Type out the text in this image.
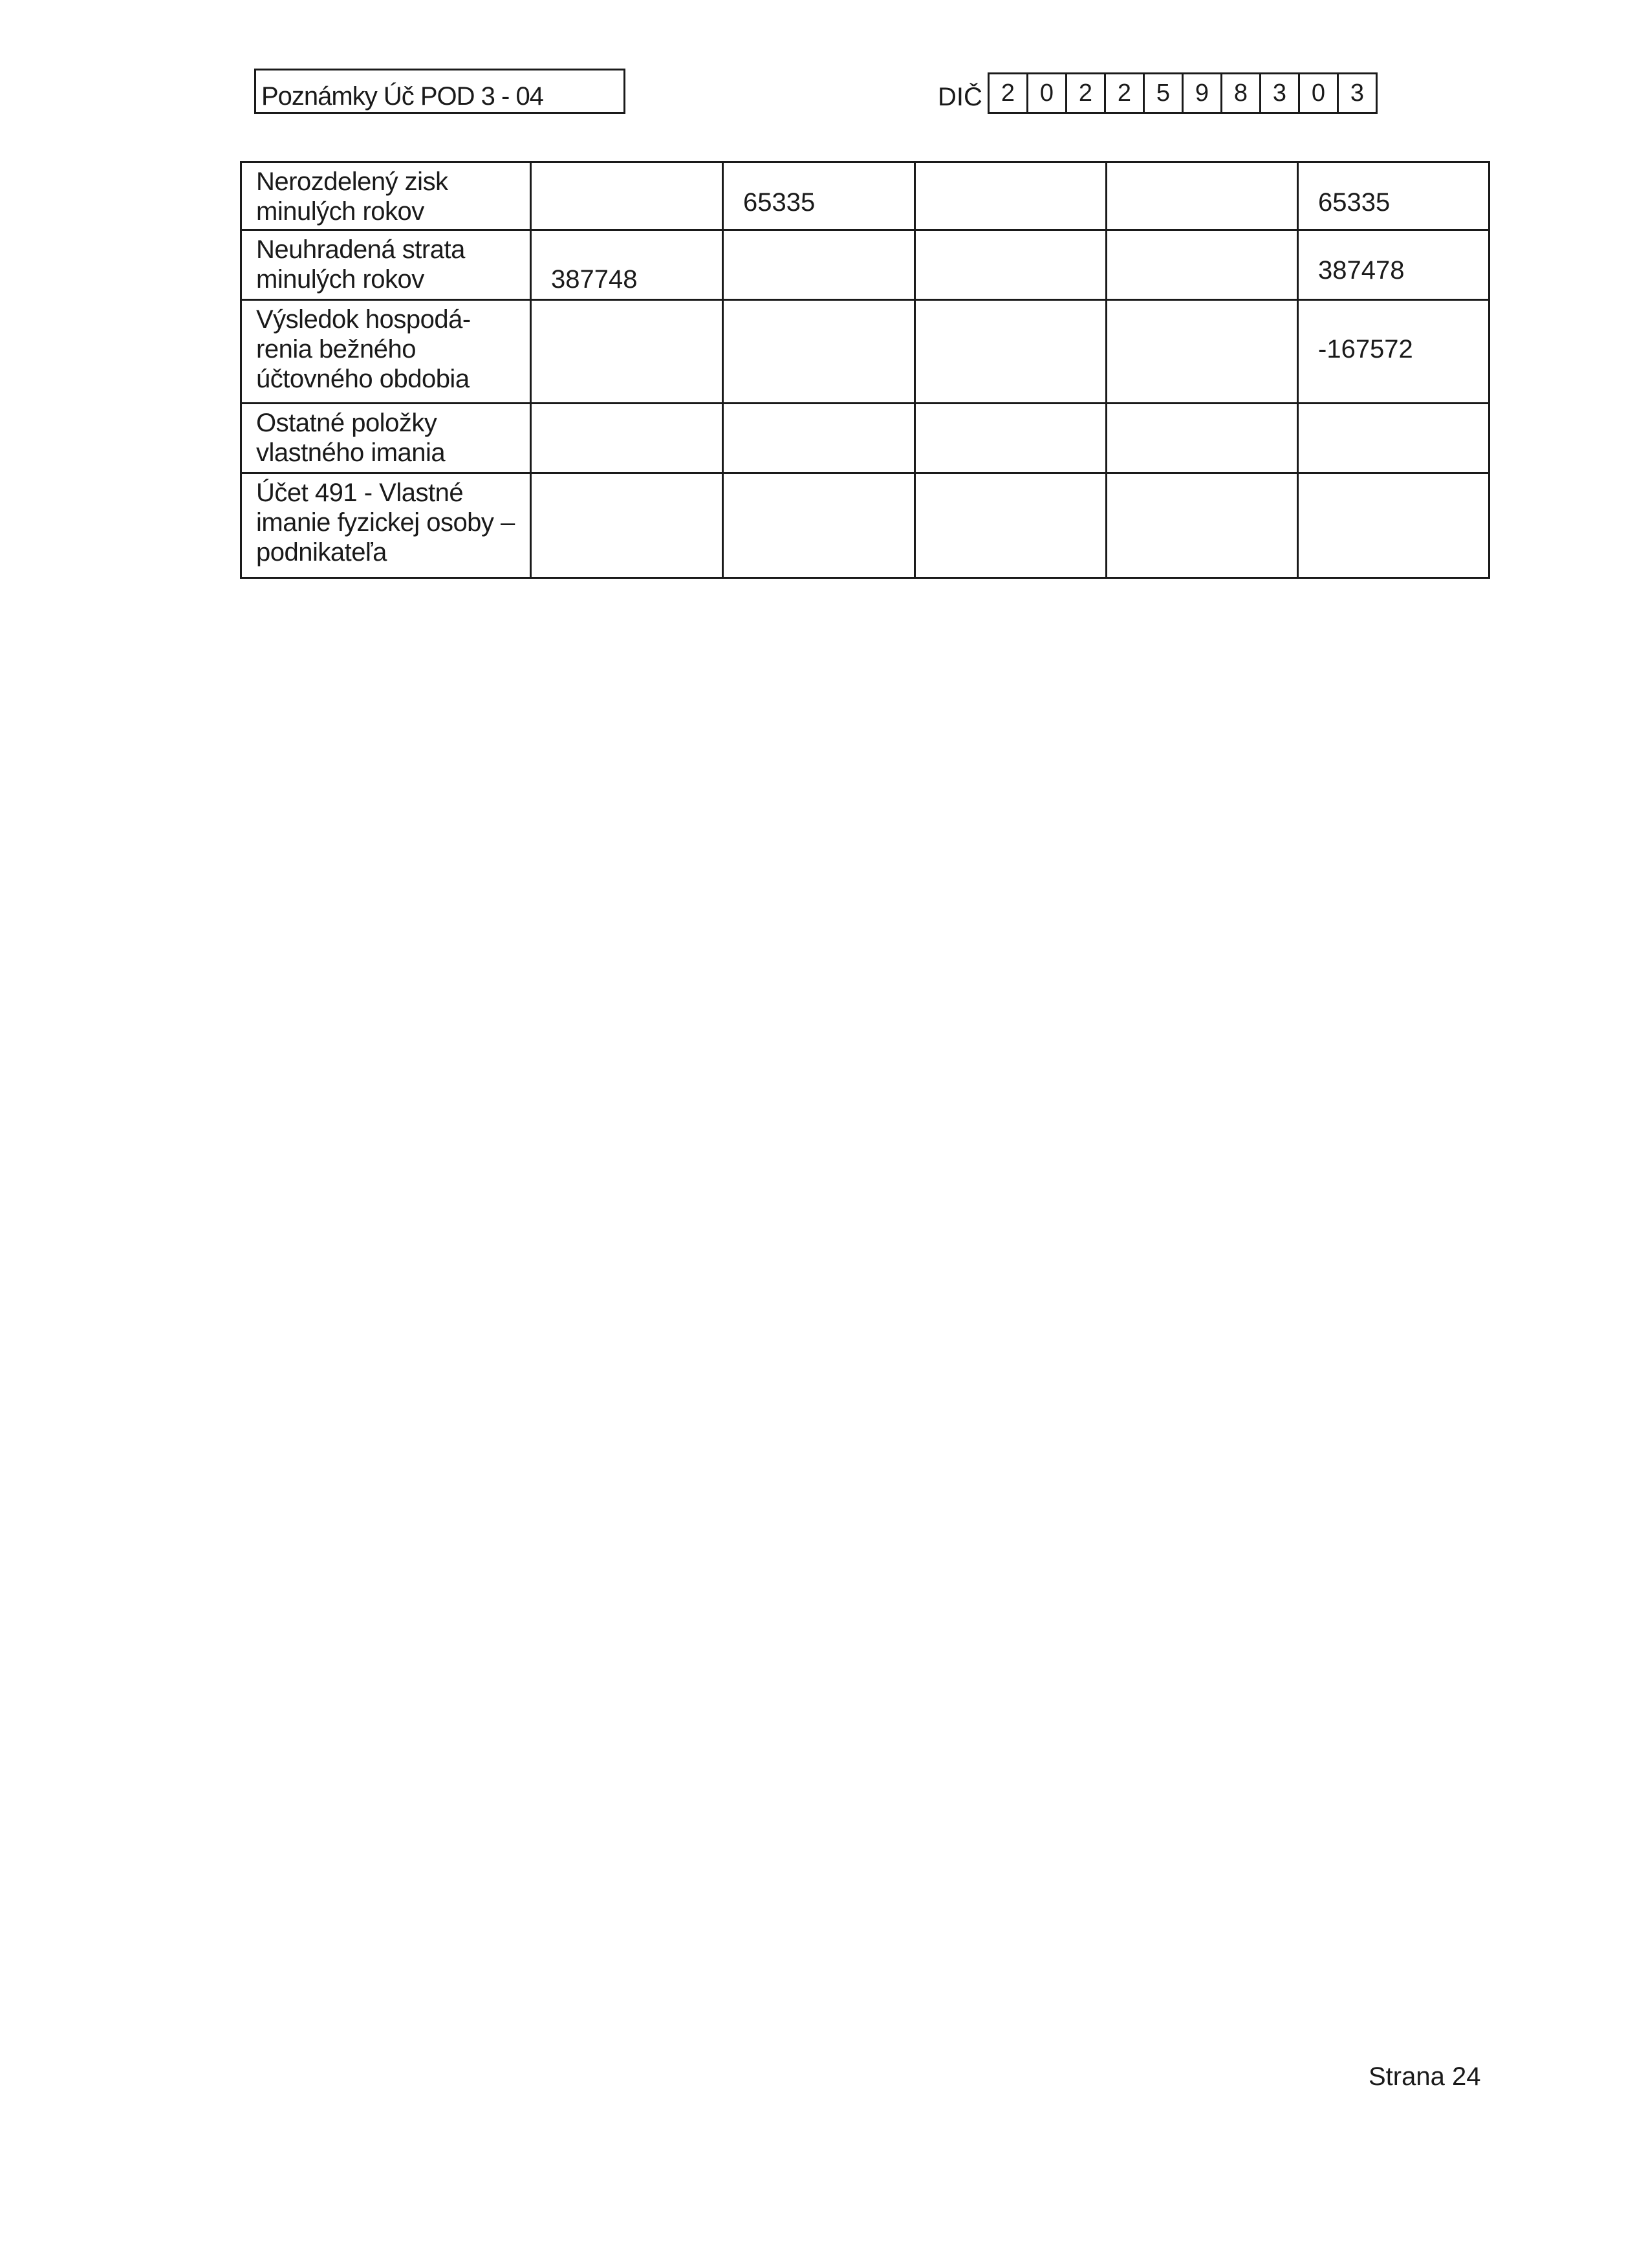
Poznámky Úč POD 3 - 04	DIČ 2	0	2	2	5	9	8	3	0	3
Nerozdelený zisk minulých rokov		65335			65335
Neuhradená strata minulých rokov	387748				387478
Výsledok hospodá- renia bežného účtovného obdobia					-167572
Ostatné položky vlastného imania					
Účet 491 - Vlastné imanie fyzickej osoby – podnikateľa					
Strana 24
